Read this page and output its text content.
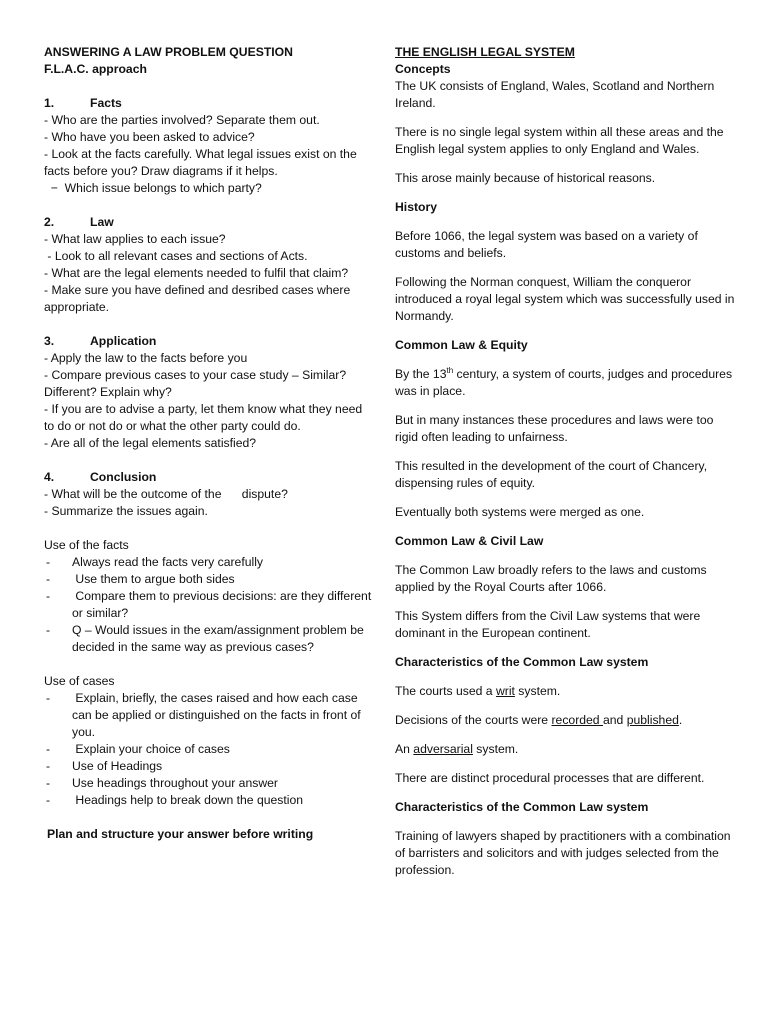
ANSWERING A LAW PROBLEM QUESTION
F.L.A.C. approach
1.	Facts
- Who are the parties involved? Separate them out.
- Who have you been asked to advice?
- Look at the facts carefully. What legal issues exist on the facts before you? Draw diagrams if it helps.
−  Which issue belongs to which party?
2.	Law
- What law applies to each issue?
- Look to all relevant cases and sections of Acts.
- What are the legal elements needed to fulfil that claim?
- Make sure you have defined and desribed cases where appropriate.
3.	Application
- Apply the law to the facts before you
- Compare previous cases to your case study – Similar? Different? Explain why?
- If you are to advise a party, let them know what they need to do or not do or what the other party could do.
- Are all of the legal elements satisfied?
4.	Conclusion
- What will be the outcome of the      dispute?
- Summarize the issues again.
Use of the facts
-	Always read the facts very carefully
-	Use them to argue both sides
-	Compare them to previous decisions: are they different or similar?
-	Q – Would issues in the exam/assignment problem be decided in the same way as previous cases?
Use of cases
-	Explain, briefly, the cases raised and how each case can be applied or distinguished on the facts in front of you.
-	Explain your choice of cases
-	Use of Headings
-	Use headings throughout your answer
-	Headings help to break down the question
Plan and structure your answer before writing
THE ENGLISH LEGAL SYSTEM
Concepts

The UK consists of England, Wales, Scotland and Northern Ireland.

There is no single legal system within all these areas and the English legal system applies to only England and Wales.

This arose mainly because of historical reasons.

History

Before 1066, the legal system was based on a variety of customs and beliefs.

Following the Norman conquest, William the conqueror introduced a royal legal system which was successfully used in Normandy.

Common Law & Equity

By the 13th century, a system of courts, judges and procedures was in place.

But in many instances these procedures and laws were too rigid often leading to unfairness.

This resulted in the development of the court of Chancery, dispensing rules of equity.

Eventually both systems were merged as one.

Common Law & Civil Law

The Common Law broadly refers to the laws and customs applied by the Royal Courts after 1066.

This System differs from the Civil Law systems that were dominant in the European continent.

Characteristics of the Common Law system

The courts used a writ system.

Decisions of the courts were recorded and published.

An adversarial system.

There are distinct procedural processes that are different.

Characteristics of the Common Law system

Training of lawyers shaped by practitioners with a combination of barristers and solicitors and with judges selected from the profession.
